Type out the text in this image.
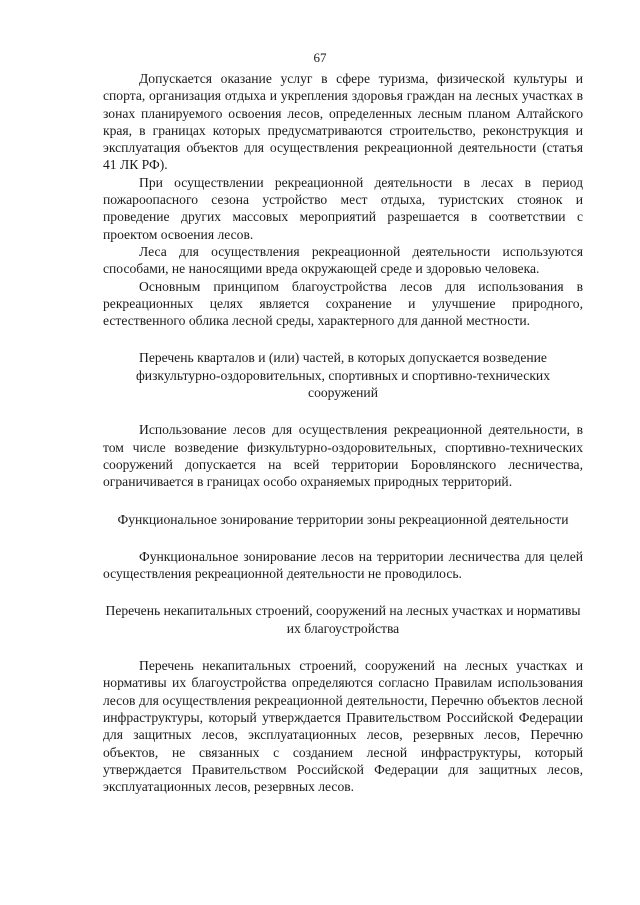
67

Допускается оказание услуг в сфере туризма, физической культуры и спорта, организация отдыха и укрепления здоровья граждан на лесных участках в зонах планируемого освоения лесов, определенных лесным планом Алтайского края, в границах которых предусматриваются строительство, реконструкция и эксплуатация объектов для осуществления рекреационной деятельности (статья 41 ЛК РФ).

При осуществлении рекреационной деятельности в лесах в период пожароопасного сезона устройство мест отдыха, туристских стоянок и проведение других массовых мероприятий разрешается в соответствии с проектом освоения лесов.

Леса для осуществления рекреационной деятельности используются способами, не наносящими вреда окружающей среде и здоровью человека.

Основным принципом благоустройства лесов для использования в рекреационных целях является сохранение и улучшение природного, естественного облика лесной среды, характерного для данной местности.

Перечень кварталов и (или) частей, в которых допускается возведение физкультурно-оздоровительных, спортивных и спортивно-технических сооружений

Использование лесов для осуществления рекреационной деятельности, в том числе возведение физкультурно-оздоровительных, спортивно-технических сооружений допускается на всей территории Боровлянского лесничества, ограничивается в границах особо охраняемых природных территорий.

Функциональное зонирование территории зоны рекреационной деятельности

Функциональное зонирование лесов на территории лесничества для целей осуществления рекреационной деятельности не проводилось.

Перечень некапитальных строений, сооружений на лесных участках и нормативы их благоустройства

Перечень некапитальных строений, сооружений на лесных участках и нормативы их благоустройства определяются согласно Правилам использования лесов для осуществления рекреационной деятельности, Перечню объектов лесной инфраструктуры, который утверждается Правительством Российской Федерации для защитных лесов, эксплуатационных лесов, резервных лесов, Перечню объектов, не связанных с созданием лесной инфраструктуры, который утверждается Правительством Российской Федерации для защитных лесов, эксплуатационных лесов, резервных лесов.
